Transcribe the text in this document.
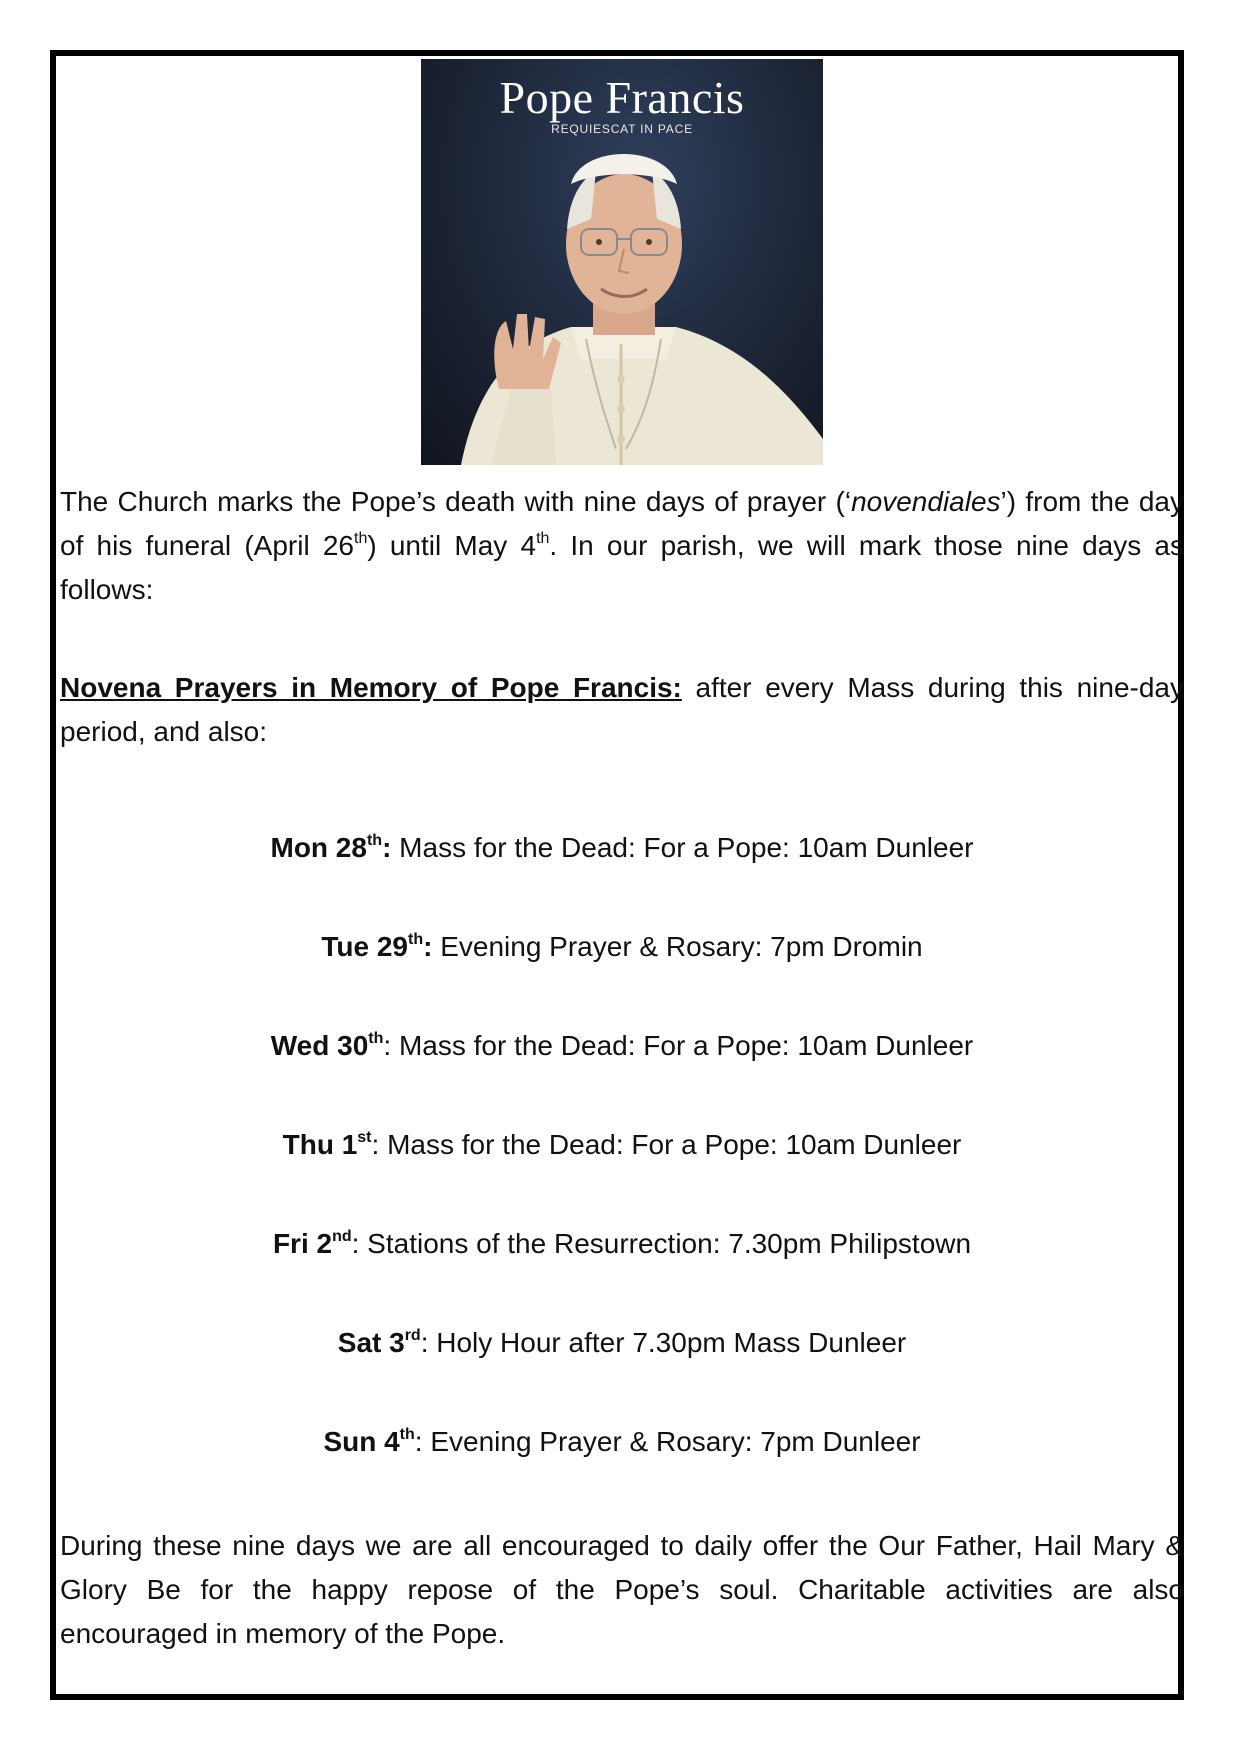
Pope Francis
REQUIESCAT IN PACE

The Church marks the Pope’s death with nine days of prayer (‘novendiales’) from the day of his funeral (April 26th) until May 4th. In our parish, we will mark those nine days as follows:

Novena Prayers in Memory of Pope Francis: after every Mass during this nine-day period, and also:

Mon 28th: Mass for the Dead: For a Pope: 10am Dunleer
Tue 29th: Evening Prayer & Rosary: 7pm Dromin
Wed 30th: Mass for the Dead: For a Pope: 10am Dunleer
Thu 1st: Mass for the Dead: For a Pope: 10am Dunleer
Fri 2nd: Stations of the Resurrection: 7.30pm Philipstown
Sat 3rd: Holy Hour after 7.30pm Mass Dunleer
Sun 4th: Evening Prayer & Rosary: 7pm Dunleer

During these nine days we are all encouraged to daily offer the Our Father, Hail Mary & Glory Be for the happy repose of the Pope’s soul. Charitable activities are also encouraged in memory of the Pope.
